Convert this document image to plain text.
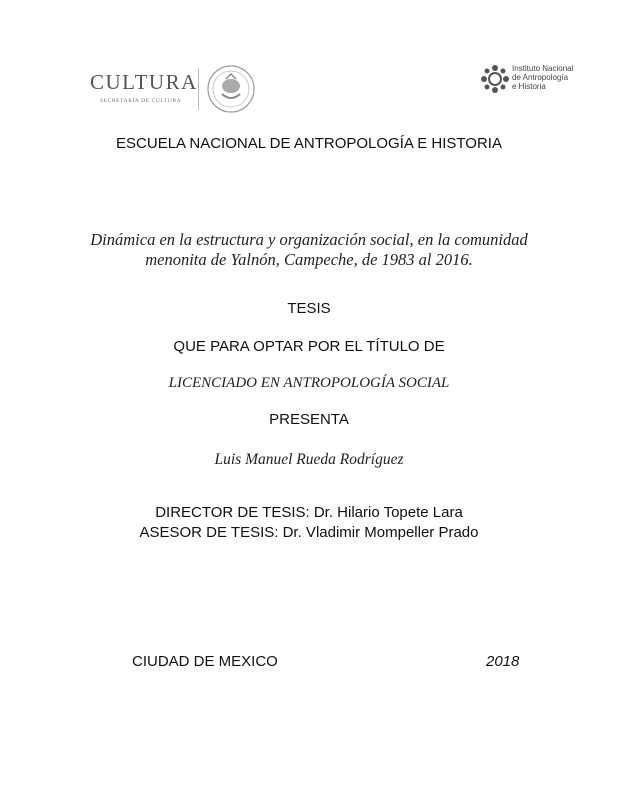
CULTURA
SECRETARÍA DE CULTURA
Instituto Nacional
de Antropología
e Historia
ESCUELA NACIONAL DE ANTROPOLOGÍA E HISTORIA
Dinámica en la estructura y organización social, en la comunidad
menonita de Yalnón, Campeche, de 1983 al 2016.
TESIS
QUE PARA OPTAR POR EL TÍTULO DE
LICENCIADO EN ANTROPOLOGÍA SOCIAL
PRESENTA
Luis Manuel Rueda Rodríguez
DIRECTOR DE TESIS: Dr. Hilario Topete Lara
ASESOR DE TESIS: Dr. Vladimir Mompeller Prado
CIUDAD DE MEXICO	2018
